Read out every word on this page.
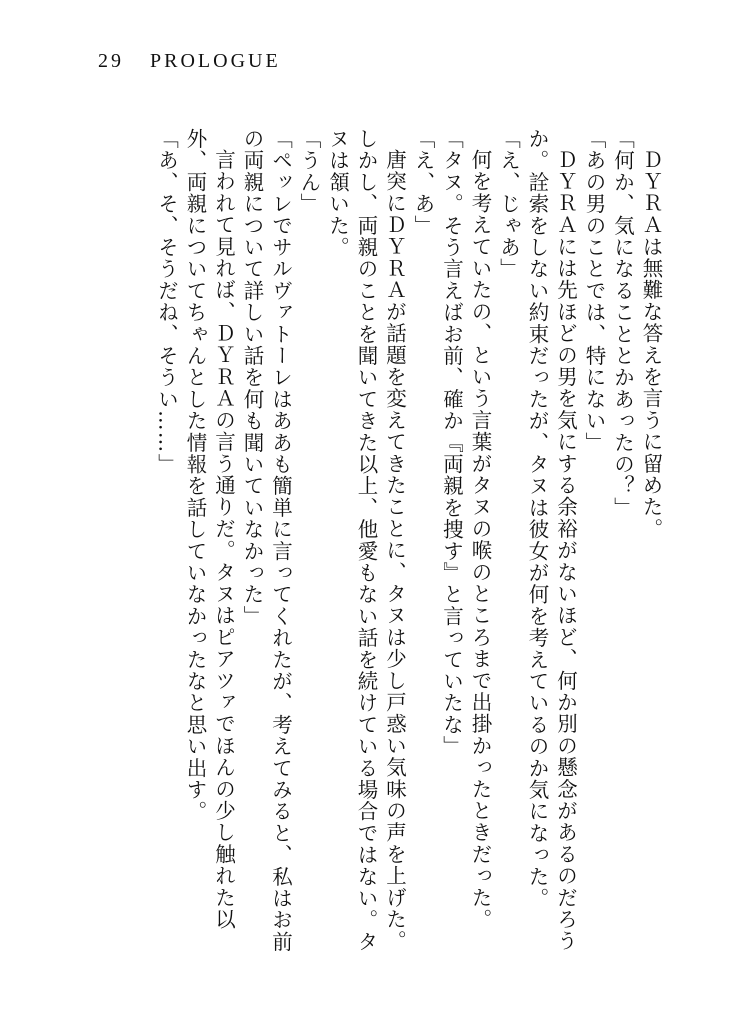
29 PROLOGUE

ＤＹＲＡは無難な答えを言うに留めた。

「何か、気になることとかあったの？」

「あの男のことでは、特にない」

ＤＹＲＡには先ほどの男を気にする余裕がないほど、何か別の懸念があるのだろうか。詮索をしない約束だったが、タヌは彼女が何を考えているのか気になった。

「え、じゃあ」

何を考えていたの、という言葉がタヌの喉のところまで出掛かったときだった。

「タヌ。そう言えばお前、確か『両親を捜す』と言っていたな」

「え、あ」

唐突にＤＹＲＡが話題を変えてきたことに、タヌは少し戸惑い気味の声を上げた。しかし、両親のことを聞いてきた以上、他愛もない話を続けている場合ではない。タヌは頷いた。

「うん」

「ペッレでサルヴァトーレはああも簡単に言ってくれたが、考えてみると、私はお前の両親について詳しい話を何も聞いていなかった」

言われて見れば、ＤＹＲＡの言う通りだ。タヌはピアツァでほんの少し触れた以外、両親についてちゃんとした情報を話していなかったなと思い出す。

「あ、そ、そうだね、そうい……」
